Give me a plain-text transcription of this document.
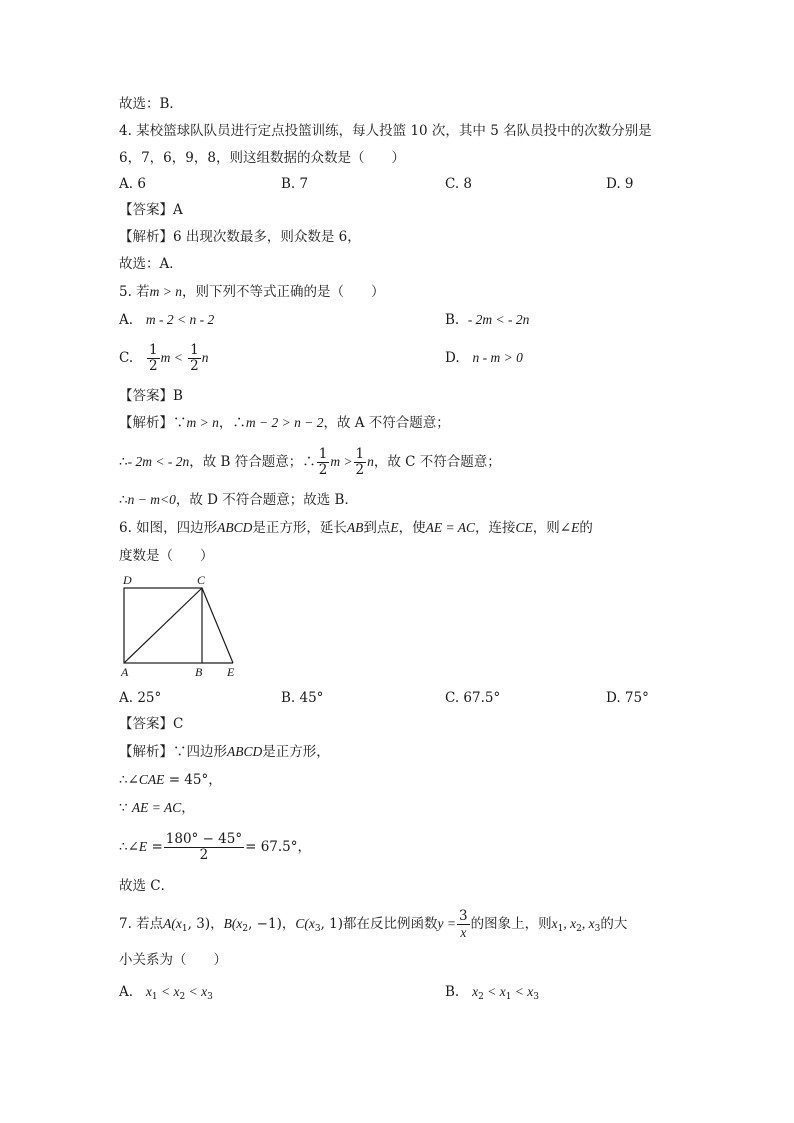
故选：B．
4. 某校篮球队队员进行定点投篮训练，每人投篮 10 次，其中 5 名队员投中的次数分别是
6，7，6，9，8，则这组数据的众数是（　　）
A. 6	B. 7	C. 8	D. 9
【答案】A
【解析】6 出现次数最多，则众数是 6，
故选：A．
5. 若m > n，则下列不等式正确的是（　　）
A. m - 2 < n - 2	B. - 2m < - 2n
C. $\frac{1}{2}$ $m < \frac{1}{2}$ n	D. n - m > 0
【答案】B
【解析】∵m > n，∴m − 2 > n − 2，故 A 不符合题意；
∴- 2m < - 2n，故 B 符合题意；∴ $\frac{1}{2}$ $m > \frac{1}{2}$ n，故 C 不符合题意；
∴n − m<0，故 D 不符合题意；故选 B．
6. 如图，四边形ABCD是正方形，延长AB到点E，使AE = AC，连接CE，则∠E的
度数是（　　）
D	C
A	B E
A. 25°	B. 45°	C. 67.5°	D. 75°
【答案】C
【解析】∵四边形ABCD是正方形，
∴∠CAE = 45°，
∵ AE = AC，
∴∠E = $\frac{180^\circ - 45^\circ}{2} = 67.5^\circ$，
故选 C．
7. 若点$A(x_1$, 3)，$B(x_2$, −1)，$C(x_3$, 1)都在反比例函数$y = \frac{3}{x}$ 的图象上，则$x_1$, $x_2$, $x_3$的大
小关系为（　　）
A. $x_1 < x_2 < x_3$	B. $x_2 < x_1 < x_3$
